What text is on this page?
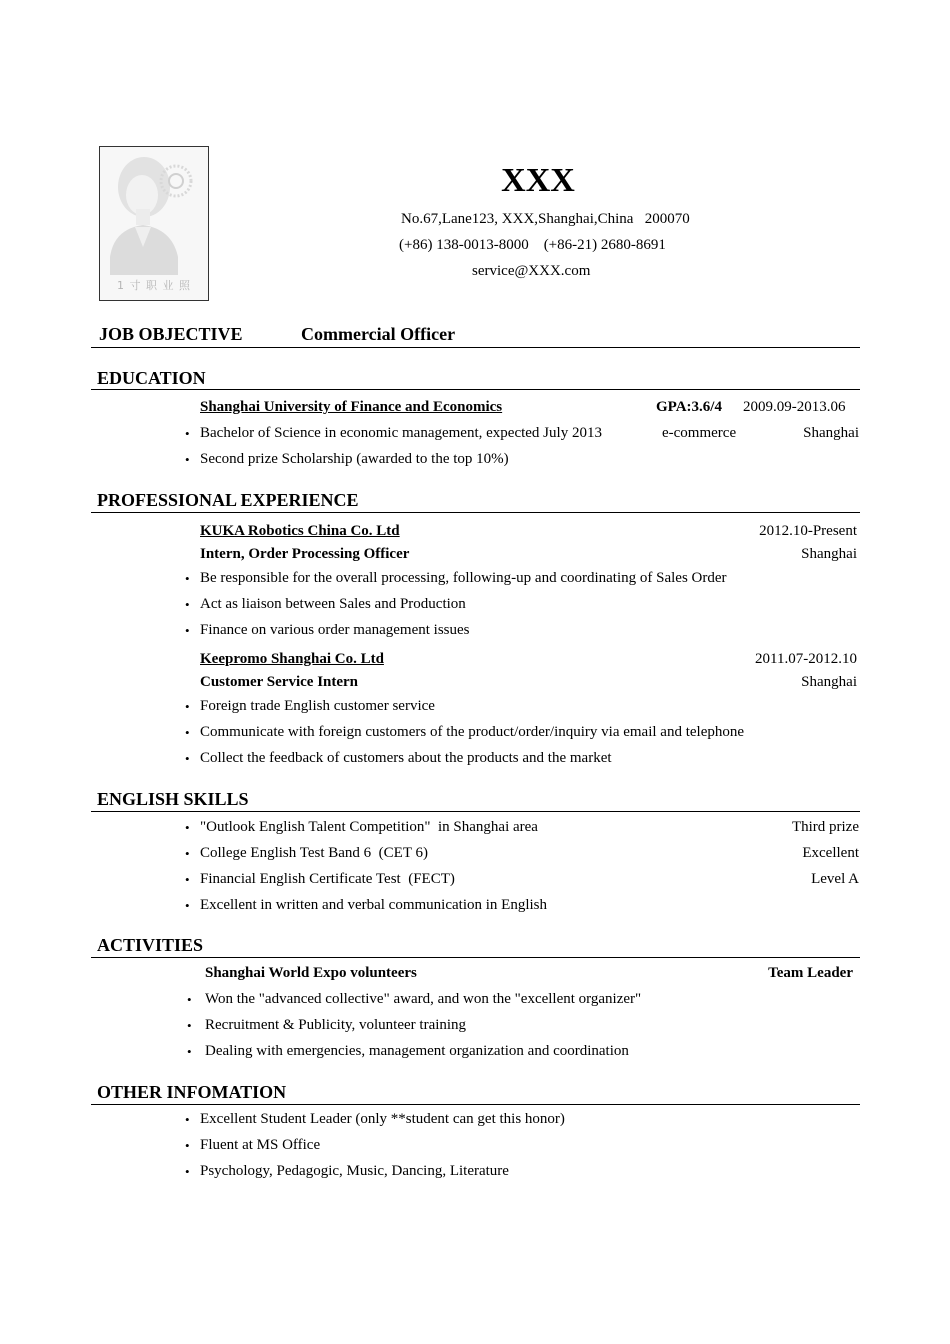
1 寸 职 业 照
XXX
No.67,Lane123, XXX,Shanghai,China   200070
(+86) 138-0013-8000    (+86-21) 2680-8691
service@XXX.com
JOB OBJECTIVE	Commercial Officer
EDUCATION
Shanghai University of Finance and Economics	GPA:3.6/4 2009.09-2013.06
• Bachelor of Science in economic management, expected July 2013	e-commerce	Shanghai
• Second prize Scholarship (awarded to the top 10%)
PROFESSIONAL EXPERIENCE
KUKA Robotics China Co. Ltd	2012.10-Present
Intern, Order Processing Officer	Shanghai
• Be responsible for the overall processing, following-up and coordinating of Sales Order
• Act as liaison between Sales and Production
• Finance on various order management issues
Keepromo Shanghai Co. Ltd	2011.07-2012.10
Customer Service Intern	Shanghai
• Foreign trade English customer service
• Communicate with foreign customers of the product/order/inquiry via email and telephone
• Collect the feedback of customers about the products and the market
ENGLISH SKILLS
• "Outlook English Talent Competition"  in Shanghai area	Third prize
• College English Test Band 6  (CET 6)	Excellent
• Financial English Certificate Test  (FECT)	Level A
• Excellent in written and verbal communication in English
ACTIVITIES
Shanghai World Expo volunteers	Team Leader
• Won the "advanced collective" award, and won the "excellent organizer"
• Recruitment & Publicity, volunteer training
• Dealing with emergencies, management organization and coordination
OTHER INFOMATION
• Excellent Student Leader (only **student can get this honor)
• Fluent at MS Office
• Psychology, Pedagogic, Music, Dancing, Literature
